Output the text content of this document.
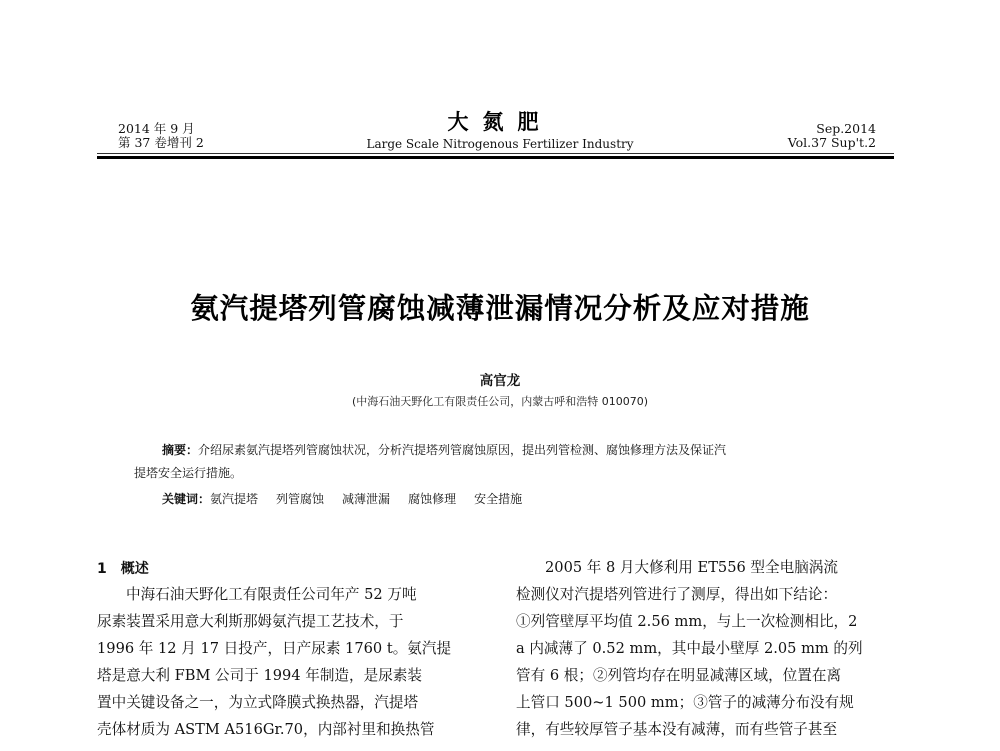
2014 年 9 月
第 37 卷增刊 2
大氮肥
Large Scale Nitrogenous Fertilizer Industry
Sep.2014
Vol.37 Sup't.2
氨汽提塔列管腐蚀减薄泄漏情况分析及应对措施
高官龙
(中海石油天野化工有限责任公司，内蒙古呼和浩特 010070)
摘要：介绍尿素氨汽提塔列管腐蚀状况，分析汽提塔列管腐蚀原因，提出列管检测、腐蚀修理方法及保证汽
提塔安全运行措施。
关键词：氨汽提塔 列管腐蚀 减薄泄漏 腐蚀修理 安全措施
1 概述
中海石油天野化工有限责任公司年产 52 万吨
尿素装置采用意大利斯那姆氨汽提工艺技术，于
1996 年 12 月 17 日投产，日产尿素 1760 t。氨汽提
塔是意大利 FBM 公司于 1994 年制造，是尿素装
置中关键设备之一，为立式降膜式换热器，汽提塔
壳体材质为 ASTM A516Gr.70，内部衬里和换热管
2005 年 8 月大修利用 ET556 型全电脑涡流
检测仪对汽提塔列管进行了测厚，得出如下结论：
①列管壁厚平均值 2.56 mm，与上一次检测相比，2
a 内减薄了 0.52 mm，其中最小壁厚 2.05 mm 的列
管有 6 根；②列管均存在明显减薄区域，位置在离
上管口 500~1 500 mm；③管子的减薄分布没有规
律，有些较厚管子基本没有减薄，而有些管子甚至
